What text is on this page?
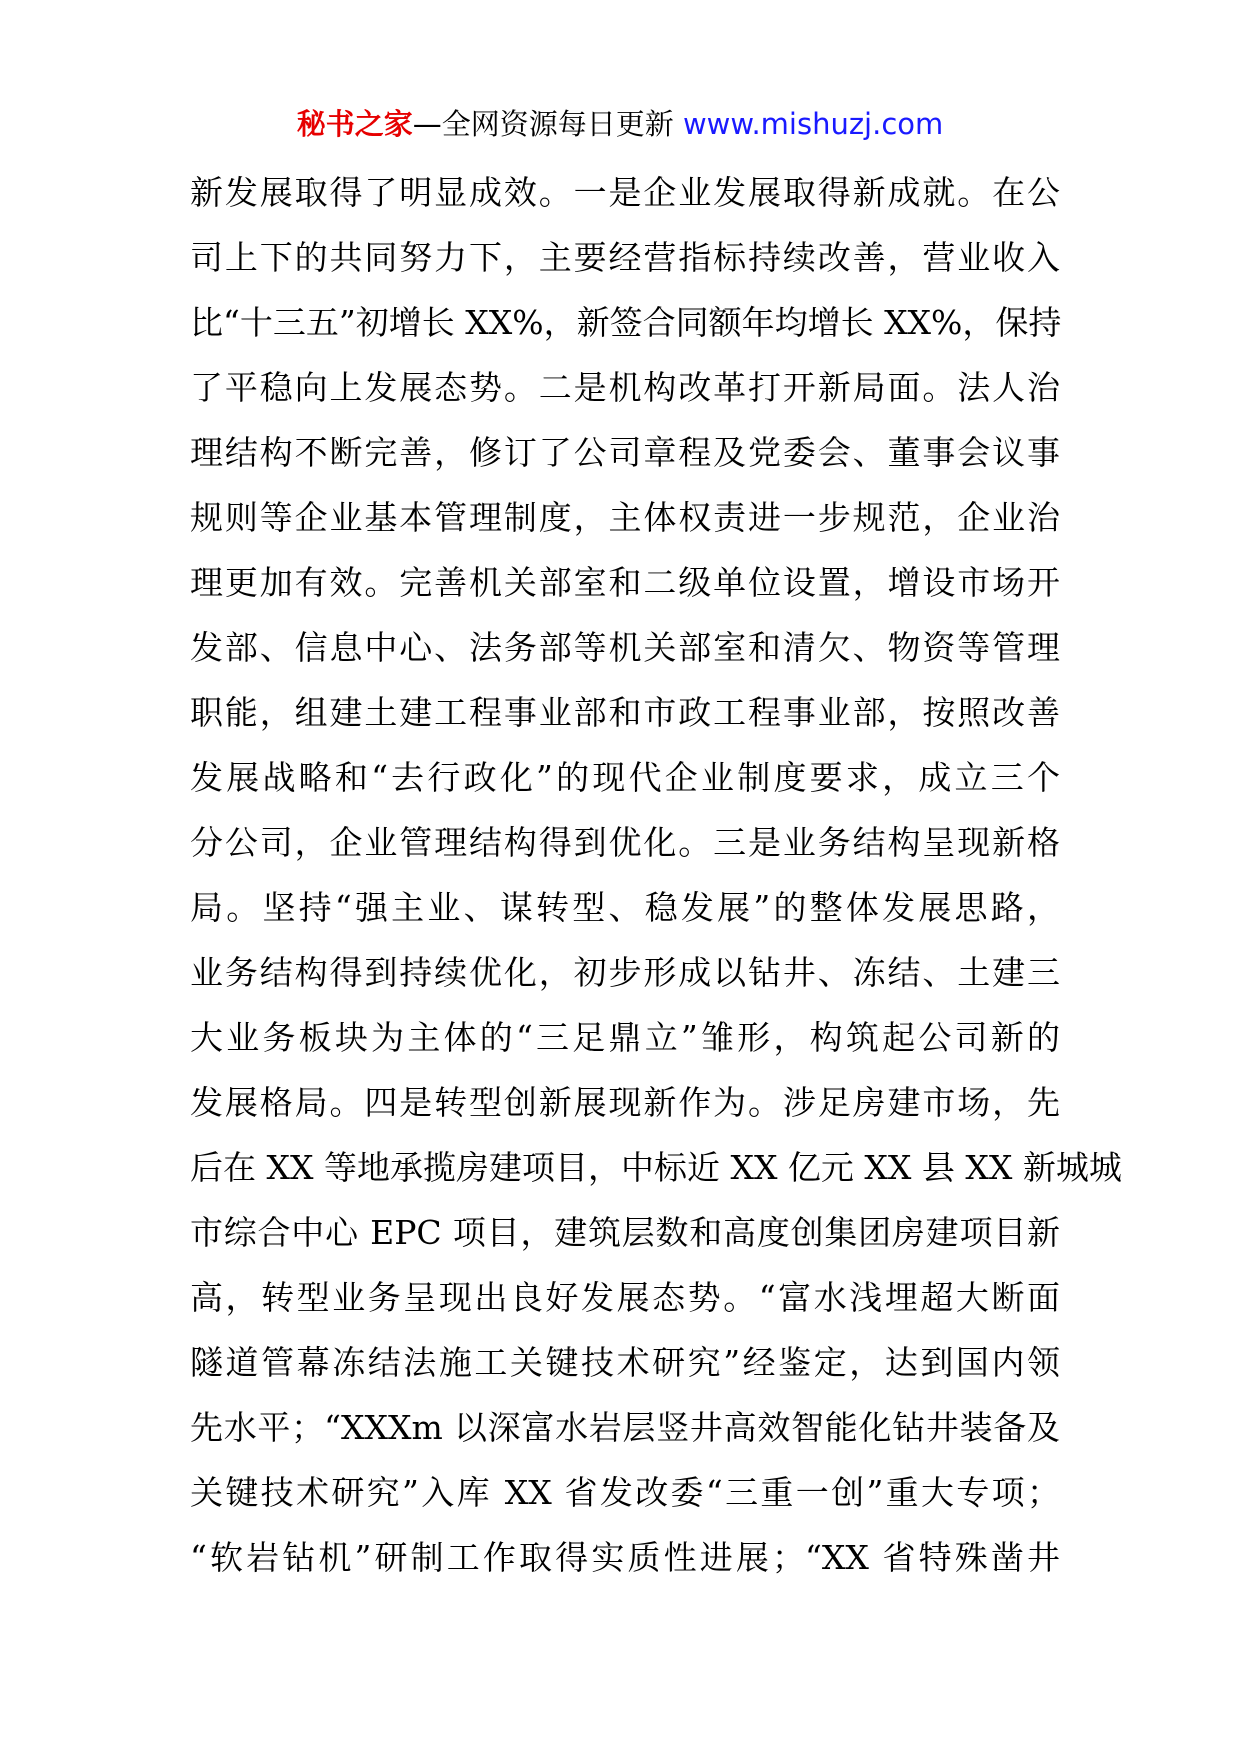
秘书之家—全网资源每日更新 www.mishuzj.com
新发展取得了明显成效。一是企业发展取得新成就。在公
司上下的共同努力下，主要经营指标持续改善，营业收入
比“十三五”初增长 XX%，新签合同额年均增长 XX%，保持
了平稳向上发展态势。二是机构改革打开新局面。法人治
理结构不断完善，修订了公司章程及党委会、董事会议事
规则等企业基本管理制度，主体权责进一步规范，企业治
理更加有效。完善机关部室和二级单位设置，增设市场开
发部、信息中心、法务部等机关部室和清欠、物资等管理
职能，组建土建工程事业部和市政工程事业部，按照改善
发展战略和“去行政化”的现代企业制度要求，成立三个
分公司，企业管理结构得到优化。三是业务结构呈现新格
局。坚持“强主业、谋转型、稳发展”的整体发展思路，
业务结构得到持续优化，初步形成以钻井、冻结、土建三
大业务板块为主体的“三足鼎立”雏形，构筑起公司新的
发展格局。四是转型创新展现新作为。涉足房建市场，先
后在 XX 等地承揽房建项目，中标近 XX 亿元 XX 县 XX 新城城
市综合中心 EPC 项目，建筑层数和高度创集团房建项目新
高，转型业务呈现出良好发展态势。“富水浅埋超大断面
隧道管幕冻结法施工关键技术研究”经鉴定，达到国内领
先水平；“XXXm 以深富水岩层竖井高效智能化钻井装备及
关键技术研究”入库 XX 省发改委“三重一创”重大专项；
“软岩钻机”研制工作取得实质性进展；“XX 省特殊凿井
